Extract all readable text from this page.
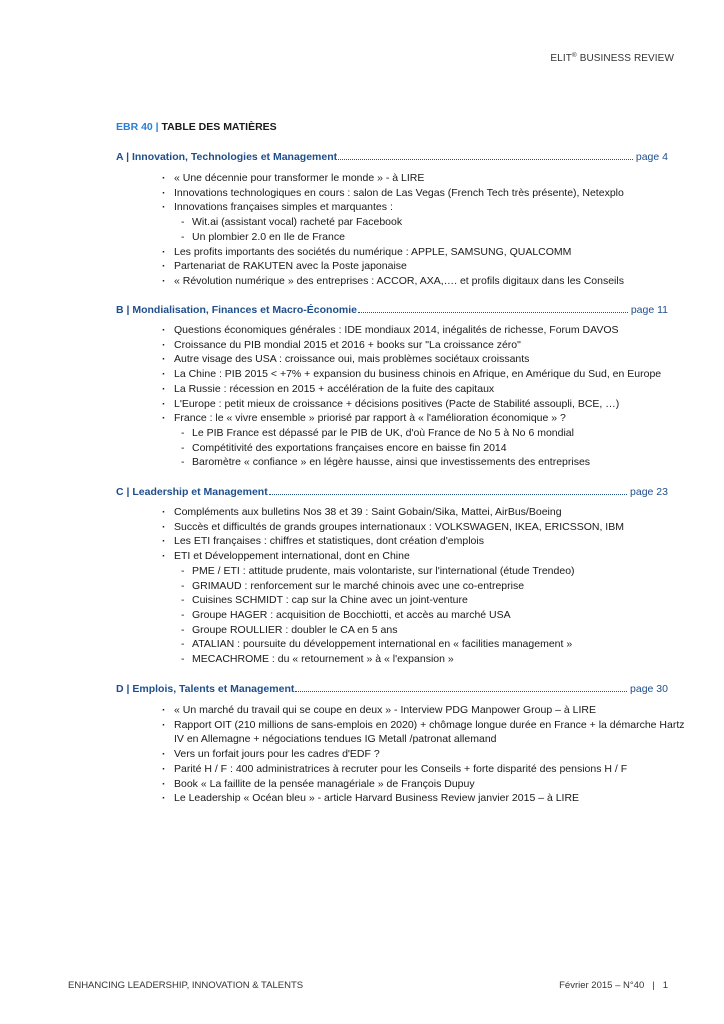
ELIT® BUSINESS REVIEW
EBR 40 | TABLE DES MATIÈRES
A | Innovation, Technologies et Management	page 4
· « Une décennie pour transformer le monde » - à LIRE
· Innovations technologiques en cours : salon de Las Vegas (French Tech très présente), Netexplo
· Innovations françaises simples et marquantes :
- Wit.ai (assistant vocal) racheté par Facebook
- Un plombier 2.0 en Ile de France
· Les profits importants des sociétés du numérique : APPLE, SAMSUNG, QUALCOMM
· Partenariat de RAKUTEN avec la Poste japonaise
· « Révolution numérique » des entreprises : ACCOR, AXA,…. et profils digitaux dans les Conseils
B | Mondialisation, Finances et Macro-Économie	page 11
· Questions économiques générales : IDE mondiaux 2014, inégalités de richesse, Forum DAVOS
· Croissance du PIB mondial 2015 et 2016 + books sur "La croissance zéro"
· Autre visage des USA : croissance oui, mais problèmes sociétaux croissants
· La Chine : PIB 2015 < +7% + expansion du business chinois en Afrique, en Amérique du Sud, en Europe
· La Russie : récession en 2015 + accélération de la fuite des capitaux
· L'Europe : petit mieux de croissance + décisions positives (Pacte de Stabilité assoupli, BCE, …)
· France : le « vivre ensemble » priorisé par rapport à « l'amélioration économique » ?
- Le PIB France est dépassé par le PIB de UK, d'où France de No 5 à No 6 mondial
- Compétitivité des exportations françaises encore en baisse fin 2014
- Baromètre « confiance » en légère hausse, ainsi que investissements des entreprises
C | Leadership et Management	page 23
· Compléments aux bulletins Nos 38 et 39 : Saint Gobain/Sika, Mattei, AirBus/Boeing
· Succès et difficultés de grands groupes internationaux : VOLKSWAGEN, IKEA, ERICSSON, IBM
· Les ETI françaises : chiffres et statistiques, dont création d'emplois
· ETI et Développement international, dont en Chine
- PME / ETI : attitude prudente, mais volontariste, sur l'international (étude Trendeo)
- GRIMAUD : renforcement sur le marché chinois avec une co-entreprise
- Cuisines SCHMIDT : cap sur la Chine avec un joint-venture
- Groupe HAGER : acquisition de Bocchiotti, et accès au marché USA
- Groupe ROULLIER : doubler le CA en 5 ans
- ATALIAN : poursuite du développement international en « facilities management »
- MECACHROME : du « retournement » à « l'expansion »
D | Emplois, Talents et Management	page 30
· « Un marché du travail qui se coupe en deux » - Interview PDG Manpower Group – à LIRE
· Rapport OIT (210 millions de sans-emplois en 2020) + chômage longue durée en France + la démarche Hartz IV en Allemagne + négociations tendues IG Metall /patronat allemand
· Vers un forfait jours pour les cadres d'EDF ?
· Parité H / F : 400 administratrices à recruter pour les Conseils + forte disparité des pensions H / F
· Book « La faillite de la pensée managériale » de François Dupuy
· Le Leadership « Océan bleu » - article Harvard Business Review janvier 2015 – à LIRE
ENHANCING LEADERSHIP, INNOVATION & TALENTS	Février 2015 – N°40 | 1
